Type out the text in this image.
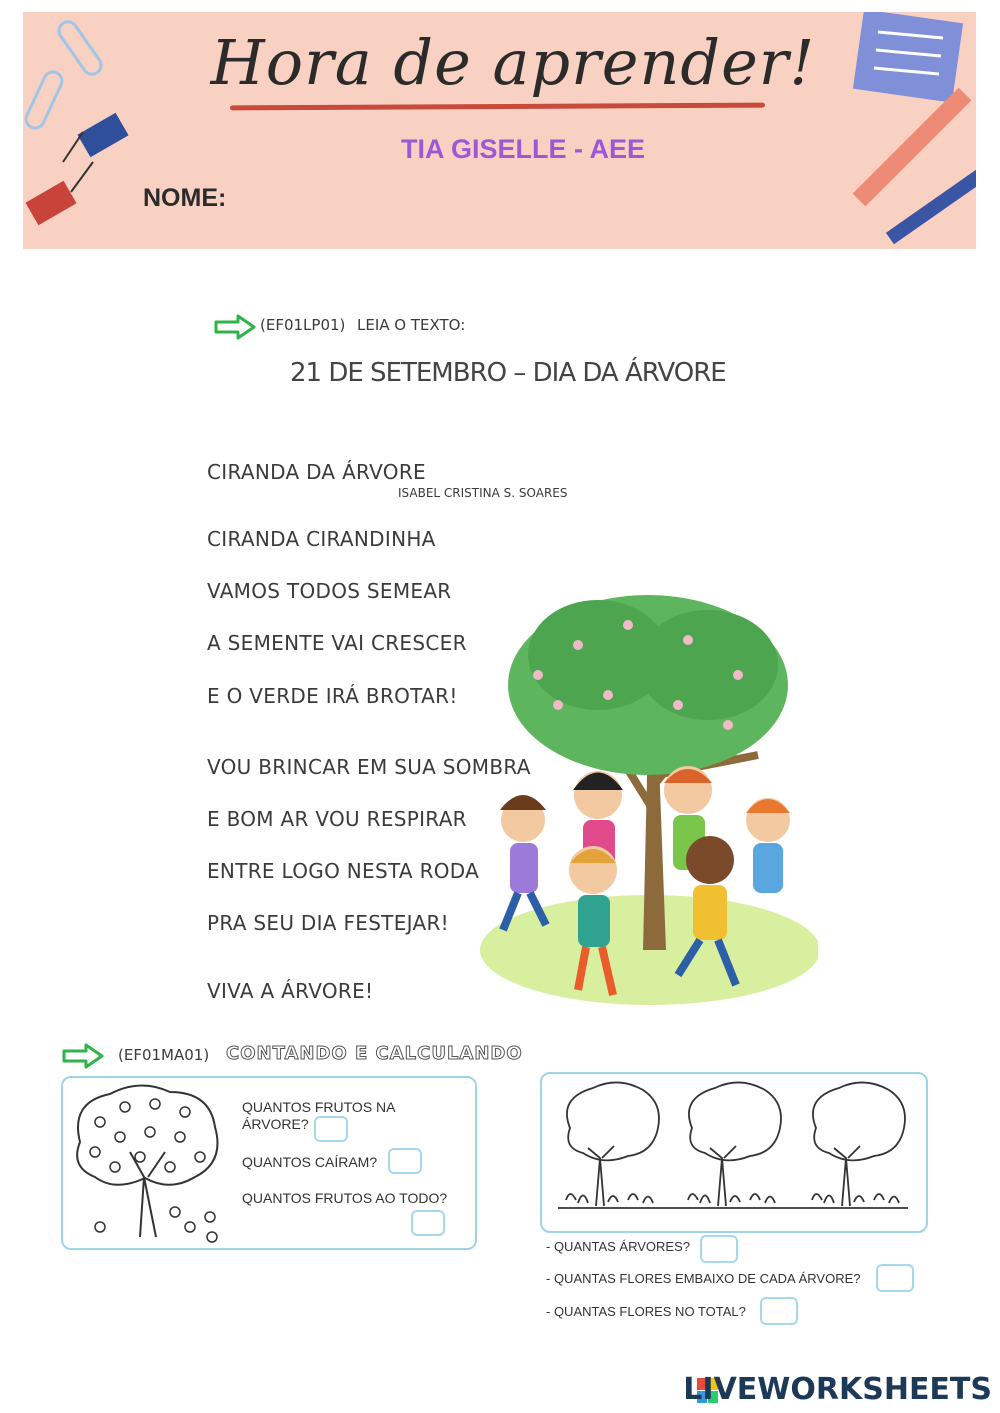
Hora de aprender!
TIA GISELLE - AEE
NOME:
(EF01LP01) LEIA O TEXTO:
21 DE SETEMBRO – DIA DA ÁRVORE
CIRANDA DA ÁRVORE
ISABEL CRISTINA S. SOARES
CIRANDA CIRANDINHA
VAMOS TODOS SEMEAR
A SEMENTE VAI CRESCER
E O VERDE IRÁ BROTAR!
VOU BRINCAR EM SUA SOMBRA
E BOM AR VOU RESPIRAR
ENTRE LOGO NESTA RODA
PRA SEU DIA FESTEJAR!
VIVA A ÁRVORE!
(EF01MA01) CONTANDO E CALCULANDO
QUANTOS FRUTOS NA
ÁRVORE?
QUANTOS CAÍRAM?
QUANTOS FRUTOS AO TODO?
- QUANTAS ÁRVORES?
- QUANTAS FLORES EMBAIXO DE CADA ÁRVORE?
- QUANTAS FLORES NO TOTAL?
LIVEWORKSHEETS
